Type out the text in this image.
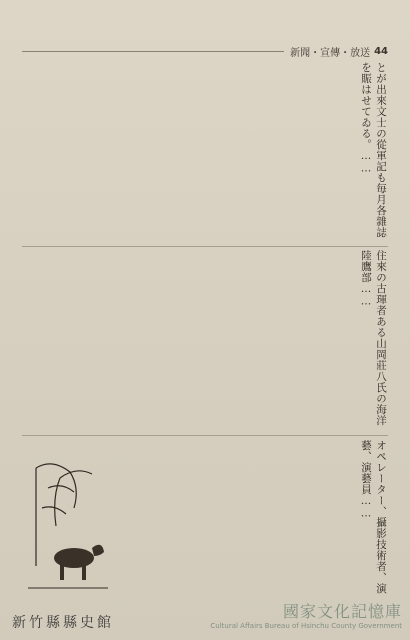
新聞・宣傳・放送 44
とが出來文士の從軍記も毎月各雜誌を賑はせてゐる。……
住來の古琿者ある山岡莊八氏の海洋陸鷹部……
オペレーター、攝影技術者、演藝、演藝員……
新竹縣縣史館
國家文化記憶庫
Cultural Affairs Bureau of Hsinchu County Government
